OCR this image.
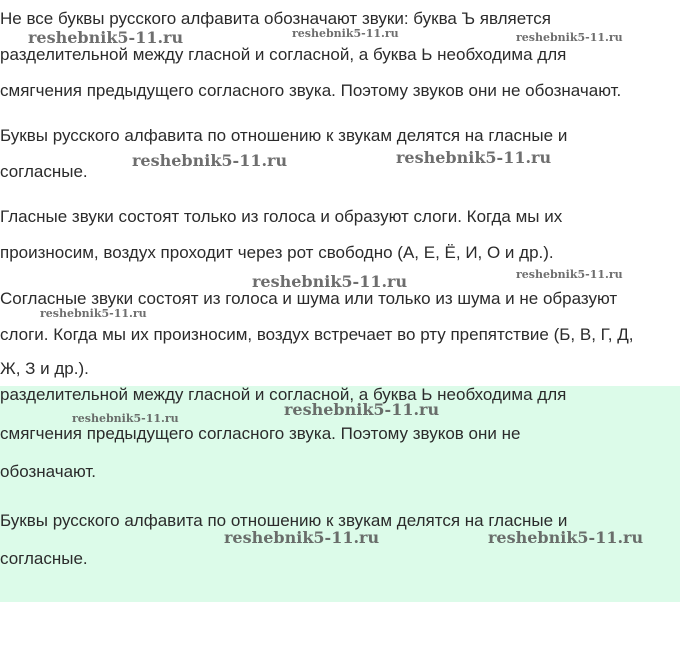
Не все буквы русского алфавита обозначают звуки: буква Ъ является

разделительной между гласной и согласной, а буква Ь необходима для

смягчения предыдущего согласного звука. Поэтому звуков они не обозначают.

Буквы русского алфавита по отношению к звукам делятся на гласные и

согласные.

Гласные звуки состоят только из голоса и образуют слоги. Когда мы их

произносим, воздух проходит через рот свободно (А, Е, Ё, И, О и др.).

Согласные звуки состоят из голоса и шума или только из шума и не образуют

слоги. Когда мы их произносим, воздух встречает во рту препятствие (Б, В, Г, Д,

Ж, З и др.).

разделительной между гласной и согласной, а буква Ь необходима для

смягчения предыдущего согласного звука. Поэтому звуков они не

обозначают.

Буквы русского алфавита по отношению к звукам делятся на гласные и

согласные.

reshebnik5-11.ru	reshebnik5-11.ru	reshebnik5-11.ru

reshebnik5-11.ru	reshebnik5-11.ru

reshebnik5-11.ru	reshebnik5-11.ru

reshebnik5-11.ru

reshebnik5-11.ru

reshebnik5-11.ru

reshebnik5-11.ru	reshebnik5-11.ru
